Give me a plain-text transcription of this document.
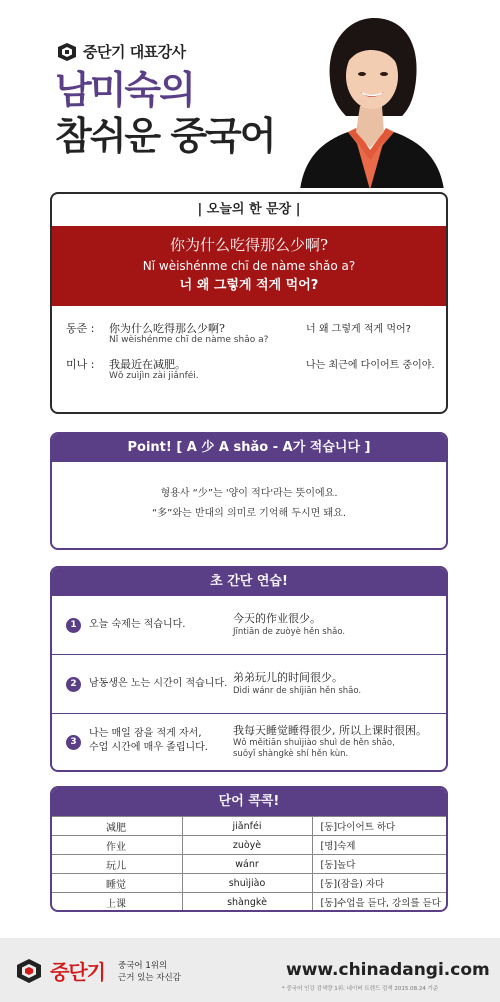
중단기 대표강사
남미숙의
참쉬운 중국어
| 오늘의 한 문장 |
你为什么吃得那么少啊?
Nǐ wèishénme chī de nàme shǎo a?
너 왜 그렇게 적게 먹어?
동준 : 你为什么吃得那么少啊?
Nǐ wèishénme chī de nàme shǎo a?
너 왜 그렇게 적게 먹어?
미나 : 我最近在减肥。
Wǒ zuìjìn zài jiǎnféi.
나는 최근에 다이어트 중이야.
Point! [ A 少 A shǎo - A가 적습니다 ]
형용사 “少”는 '양이 적다'라는 뜻이에요.
“多”와는 반대의 의미로 기억해 두시면 돼요.
초 간단 연습!
1	오늘 숙제는 적습니다.	今天的作业很少。
Jīntiān de zuòyè hěn shǎo.
2	남동생은 노는 시간이 적습니다. 弟弟玩儿的时间很少。
Dìdi wánr de shíjiān hěn shǎo.
3
나는 매일 잠을 적게 자서,
수업 시간에 매우 졸립니다.
我每天睡觉睡得很少, 所以上课时很困。
Wǒ měitiān shuìjiào shuì de hěn shǎo,
suǒyǐ shàngkè shí hěn kùn.
단어 콕콕!
减肥	jiǎnféi	[동]다이어트 하다
作业	zuòyè	[명]숙제
玩儿	wánr	[동]놀다
睡觉	shuìjiào	[동](잠을) 자다
上课	shàngkè	[동]수업을 듣다, 강의를 듣다
중단기 중국어 1위의
근거 있는 자신감	www.chinadangi.com
* 중국어 인강 검색량 1위: 네이버 트렌드 검색 2015.08.24 기준
